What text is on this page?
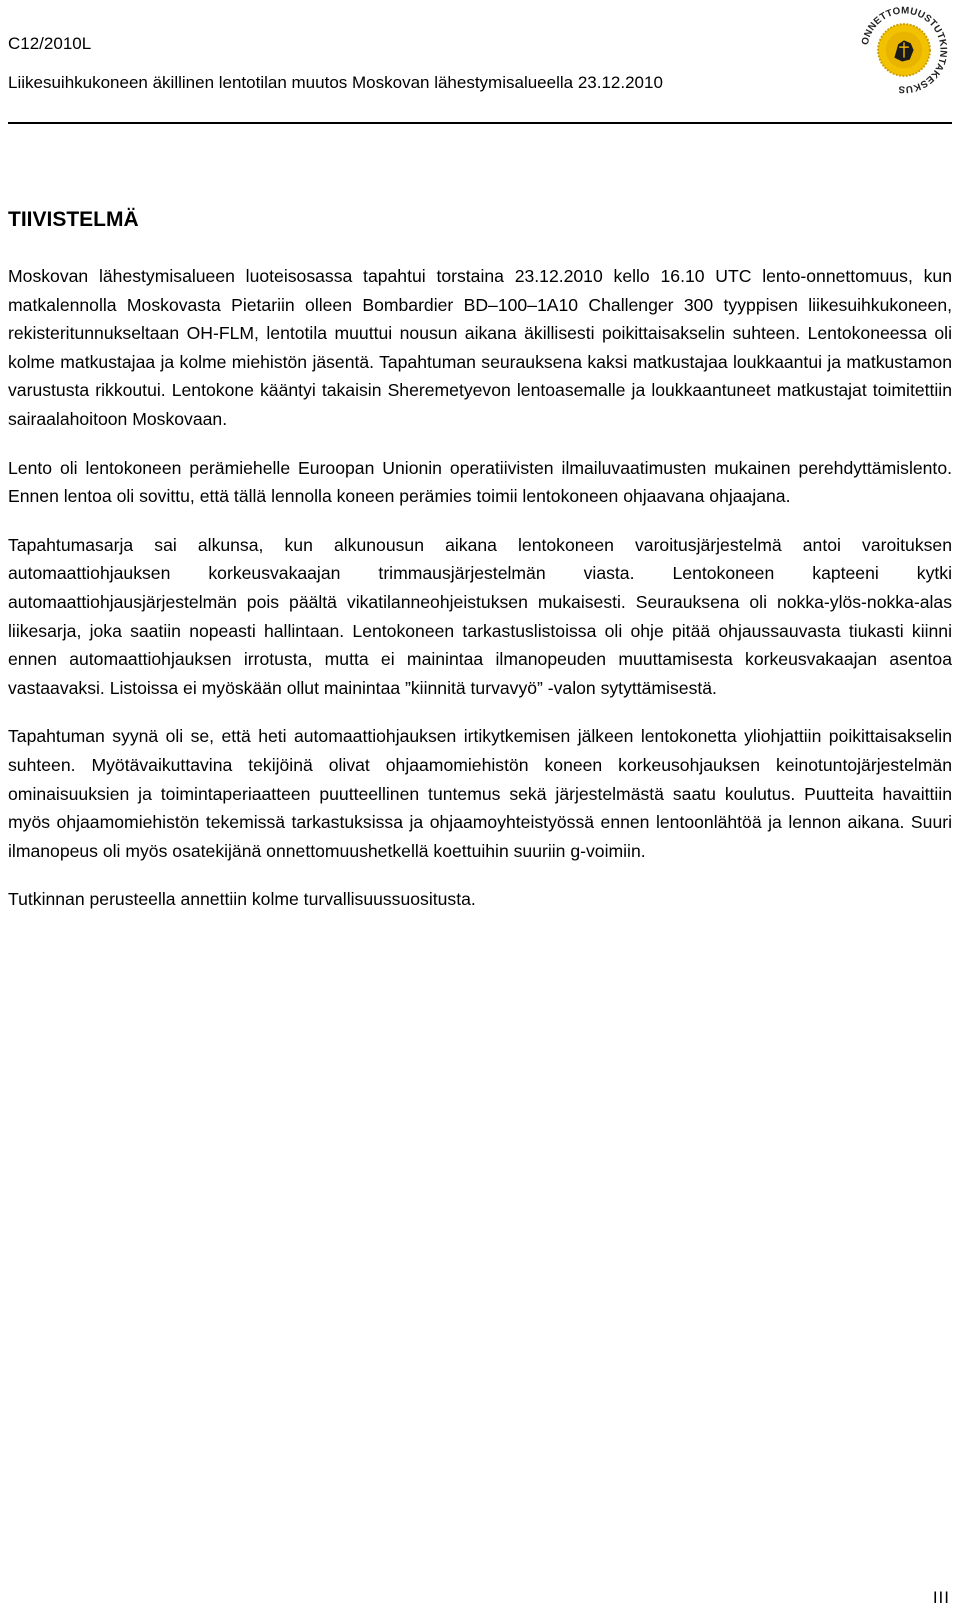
C12/2010L
Liikesuihkukoneen äkillinen lentotilan muutos Moskovan lähestymisalueella 23.12.2010
ONNETTOMUUSTUTKINTAKESKUS
TIIVISTELMÄ

Moskovan lähestymisalueen luoteisosassa tapahtui torstaina 23.12.2010 kello 16.10 UTC lento-onnettomuus, kun matkalennolla Moskovasta Pietariin olleen Bombardier BD–100–1A10 Challenger 300 tyyppisen liikesuihkukoneen, rekisteritunnukseltaan OH-FLM, lentotila muuttui nousun aikana äkillisesti poikittaisakselin suhteen. Lentokoneessa oli kolme matkustajaa ja kolme miehistön jäsentä. Tapahtuman seurauksena kaksi matkustajaa loukkaantui ja matkustamon varustusta rikkoutui. Lentokone kääntyi takaisin Sheremetyevon lentoasemalle ja loukkaantuneet matkustajat toimitettiin sairaalahoitoon Moskovaan.

Lento oli lentokoneen perämiehelle Euroopan Unionin operatiivisten ilmailuvaatimusten mukainen perehdyttämislento. Ennen lentoa oli sovittu, että tällä lennolla koneen perämies toimii lentokoneen ohjaavana ohjaajana.

Tapahtumasarja sai alkunsa, kun alkunousun aikana lentokoneen varoitusjärjestelmä antoi varoituksen automaattiohjauksen korkeusvakaajan trimmausjärjestelmän viasta. Lentokoneen kapteeni kytki automaattiohjausjärjestelmän pois päältä vikatilanneohjeistuksen mukaisesti. Seurauksena oli nokka-ylös-nokka-alas liikesarja, joka saatiin nopeasti hallintaan. Lentokoneen tarkastuslistoissa oli ohje pitää ohjaussauvasta tiukasti kiinni ennen automaattiohjauksen irrotusta, mutta ei mainintaa ilmanopeuden muuttamisesta korkeusvakaajan asentoa vastaavaksi. Listoissa ei myöskään ollut mainintaa ”kiinnitä turvavyö” -valon sytyttämisestä.

Tapahtuman syynä oli se, että heti automaattiohjauksen irtikytkemisen jälkeen lentokonetta yliohjattiin poikittaisakselin suhteen. Myötävaikuttavina tekijöinä olivat ohjaamomiehistön koneen korkeusohjauksen keinotuntojärjestelmän ominaisuuksien ja toimintaperiaatteen puutteellinen tuntemus sekä järjestelmästä saatu koulutus. Puutteita havaittiin myös ohjaamomiehistön tekemissä tarkastuksissa ja ohjaamoyhteistyössä ennen lentoonlähtöä ja lennon aikana. Suuri ilmanopeus oli myös osatekijänä onnettomuushetkellä koettuihin suuriin g-voimiin.

Tutkinnan perusteella annettiin kolme turvallisuussuositusta.

III
